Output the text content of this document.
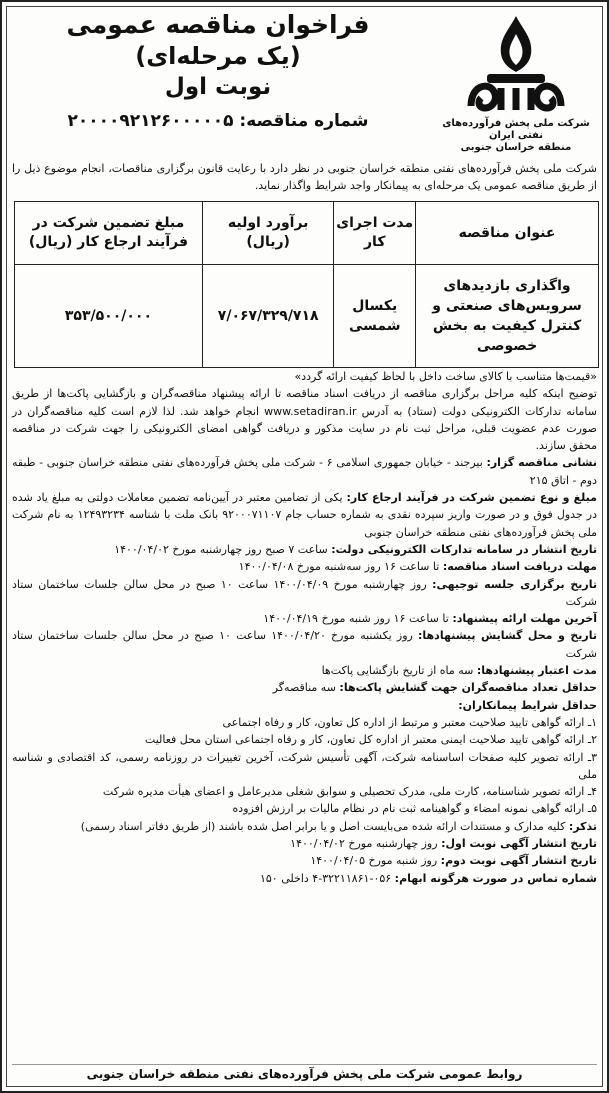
شرکت ملی پخش فرآورده‌های نفتی ایران
منطقه خراسان جنوبی
فراخوان مناقصه عمومی
(یک مرحله‌ای)
نوبت اول
شماره مناقصه: ۲۰۰۰۰۹۲۱۲۶۰۰۰۰۰۵
شرکت ملی پخش فرآورده‌های نفتی منطقه خراسان جنوبی در نظر دارد با رعایت قانون برگزاری مناقصات، انجام موضوع ذیل را از طریق مناقصه عمومی یک مرحله‌ای به پیمانکار واجد شرایط واگذار نماید.
عنوان مناقصه	مدت اجرای کار	برآورد اولیه (ریال)	مبلغ تضمین شرکت در فرآیند ارجاع کار (ریال)
واگذاری بازدیدهای سرویس‌های صنعتی و کنترل کیفیت به بخش خصوصی	یکسال شمسی	۷/۰۶۷/۳۲۹/۷۱۸	۳۵۳/۵۰۰/۰۰۰

«قیمت‌ها متناسب با کالای ساخت داخل با لحاظ کیفیت ارائه گردد»

توضیح اینکه کلیه مراحل برگزاری مناقصه از دریافت اسناد مناقصه تا ارائه پیشنهاد مناقصه‌گران و بازگشایی پاکت‌ها از طریق سامانه تدارکات الکترونیکی دولت (ستاد) به آدرس www.setadiran.ir انجام خواهد شد. لذا لازم است کلیه مناقصه‌گران در صورت عدم عضویت قبلی، مراحل ثبت نام در سایت مذکور و دریافت گواهی امضای الکترونیکی را جهت شرکت در مناقصه محقق سازند.

نشانی مناقصه گزار: بیرجند - خیابان جمهوری اسلامی ۶ - شرکت ملی پخش فرآورده‌های نفتی منطقه خراسان جنوبی - طبقه دوم - اتاق ۲۱۵

مبلغ و نوع تضمین شرکت در فرآیند ارجاع کار: یکی از تضامین معتبر در آیین‌نامه تضمین معاملات دولتی به مبلغ یاد شده در جدول فوق و در صورت واریز سپرده نقدی به شماره حساب جام ۹۲۰۰۰۷۱۱۰۷ بانک ملت با شناسه ۱۲۴۹۳۲۳۴ به نام شرکت ملی پخش فرآورده‌های نفتی منطقه خراسان جنوبی

تاریخ انتشار در سامانه تدارکات الکترونیکی دولت: ساعت ۷ صبح روز چهارشنبه مورخ ۱۴۰۰/۰۴/۰۲

مهلت دریافت اسناد مناقصه: تا ساعت ۱۶ روز سه‌شنبه مورخ ۱۴۰۰/۰۴/۰۸

تاریخ برگزاری جلسه توجیهی: روز چهارشنبه مورخ ۱۴۰۰/۰۴/۰۹ ساعت ۱۰ صبح در محل سالن جلسات ساختمان ستاد شرکت

آخرین مهلت ارائه پیشنهاد: تا ساعت ۱۶ روز شنبه مورخ ۱۴۰۰/۰۴/۱۹

تاریخ و محل گشایش پیشنهادها: روز یکشنبه مورخ ۱۴۰۰/۰۴/۲۰ ساعت ۱۰ صبح در محل سالن جلسات ساختمان ستاد شرکت

مدت اعتبار پیشنهادها: سه ماه از تاریخ بازگشایی پاکت‌ها

حداقل تعداد مناقصه‌گران جهت گشایش پاکت‌ها: سه مناقصه‌گر

حداقل شرایط پیمانکاران:

۱ـ ارائه گواهی تایید صلاحیت معتبر و مرتبط از اداره کل تعاون، کار و رفاه اجتماعی

۲ـ ارائه گواهی تایید صلاحیت ایمنی معتبر از اداره کل تعاون، کار و رفاه اجتماعی استان محل فعالیت

۳ـ ارائه تصویر کلیه صفحات اساسنامه شرکت، آگهی تأسیس شرکت، آخرین تغییرات در روزنامه رسمی، کد اقتصادی و شناسه ملی

۴ـ ارائه تصویر شناسنامه، کارت ملی، مدرک تحصیلی و سوابق شغلی مدیرعامل و اعضای هیأت مدیره شرکت

۵ـ ارائه گواهی نمونه امضاء و گواهینامه ثبت نام در نظام مالیات بر ارزش افزوده

تذکر: کلیه مدارک و مستندات ارائه شده می‌بایست اصل و یا برابر اصل شده باشند (از طریق دفاتر اسناد رسمی)

تاریخ انتشار آگهی نوبت اول: روز چهارشنبه مورخ ۱۴۰۰/۰۴/۰۲

تاریخ انتشار آگهی نوبت دوم: روز شنبه مورخ ۱۴۰۰/۰۴/۰۵

شماره تماس در صورت هرگونه ابهام: ۰۵۶-۳۲۲۱۱۸۶۱-۴ داخلی ۱۵۰

روابط عمومی شرکت ملی پخش فرآورده‌های نفتی منطقه خراسان جنوبی
